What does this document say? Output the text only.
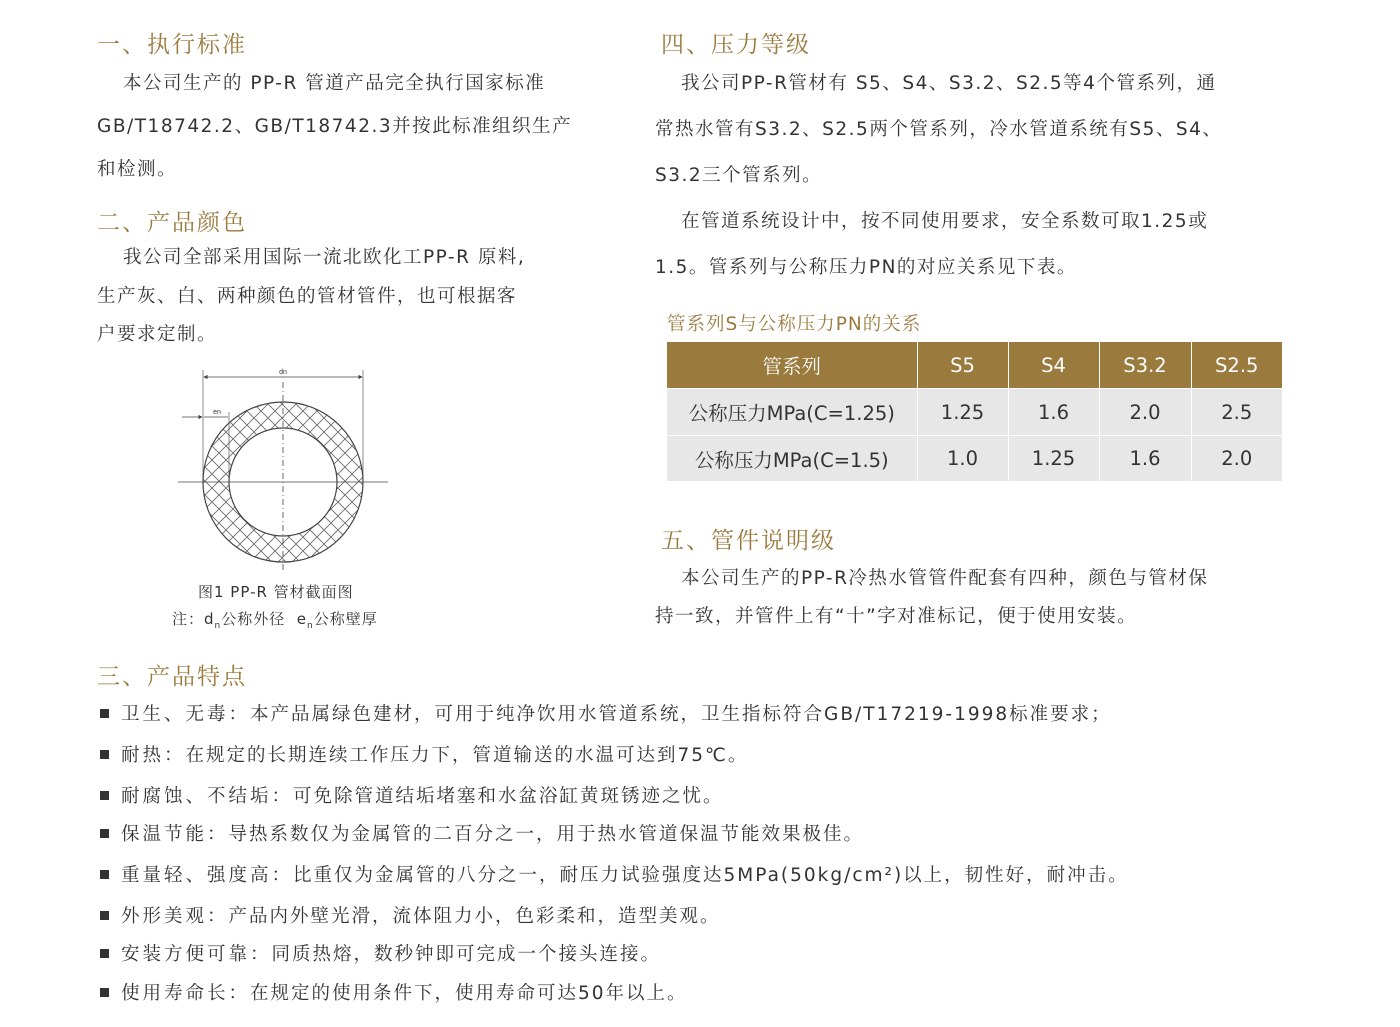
一、执行标准
本公司生产的 PP-R 管道产品完全执行国家标准
GB/T18742.2、GB/T18742.3并按此标准组织生产
和检测。
二、产品颜色
我公司全部采用国际一流北欧化工PP-R 原料,
生产灰、白、两种颜色的管材管件，也可根据客
户要求定制。
dn
en
图1 PP-R 管材截面图
注：$d_n$公称外径  $e_n$公称壁厚
四、压力等级
我公司PP-R管材有 S5、S4、S3.2、S2.5等4个管系列，通
常热水管有S3.2、S2.5两个管系列，冷水管道系统有S5、S4、
S3.2三个管系列。
在管道系统设计中，按不同使用要求，安全系数可取1.25或
1.5。管系列与公称压力PN的对应关系见下表。
管系列S与公称压力PN的关系
管系列	S5	S4	S3.2	S2.5
公称压力MPa(C=1.25)	1.25	1.6	2.0	2.5
公称压力MPa(C=1.5)	1.0	1.25	1.6	2.0
五、管件说明级
本公司生产的PP-R冷热水管管件配套有四种，颜色与管材保
持一致，并管件上有“十”字对准标记，便于使用安装。
三、产品特点
卫生、无毒： 本产品属绿色建材，可用于纯净饮用水管道系统，卫生指标符合GB/T17219-1998标准要求；
耐热： 在规定的长期连续工作压力下，管道输送的水温可达到75℃。
耐腐蚀、不结垢： 可免除管道结垢堵塞和水盆浴缸黄斑锈迹之忧。
保温节能： 导热系数仅为金属管的二百分之一，用于热水管道保温节能效果极佳。
重量轻、强度高： 比重仅为金属管的八分之一，耐压力试验强度达5MPa(50kg/cm²)以上，韧性好，耐冲击。
外形美观： 产品内外壁光滑，流体阻力小，色彩柔和，造型美观。
安装方便可靠： 同质热熔，数秒钟即可完成一个接头连接。
使用寿命长： 在规定的使用条件下，使用寿命可达50年以上。
